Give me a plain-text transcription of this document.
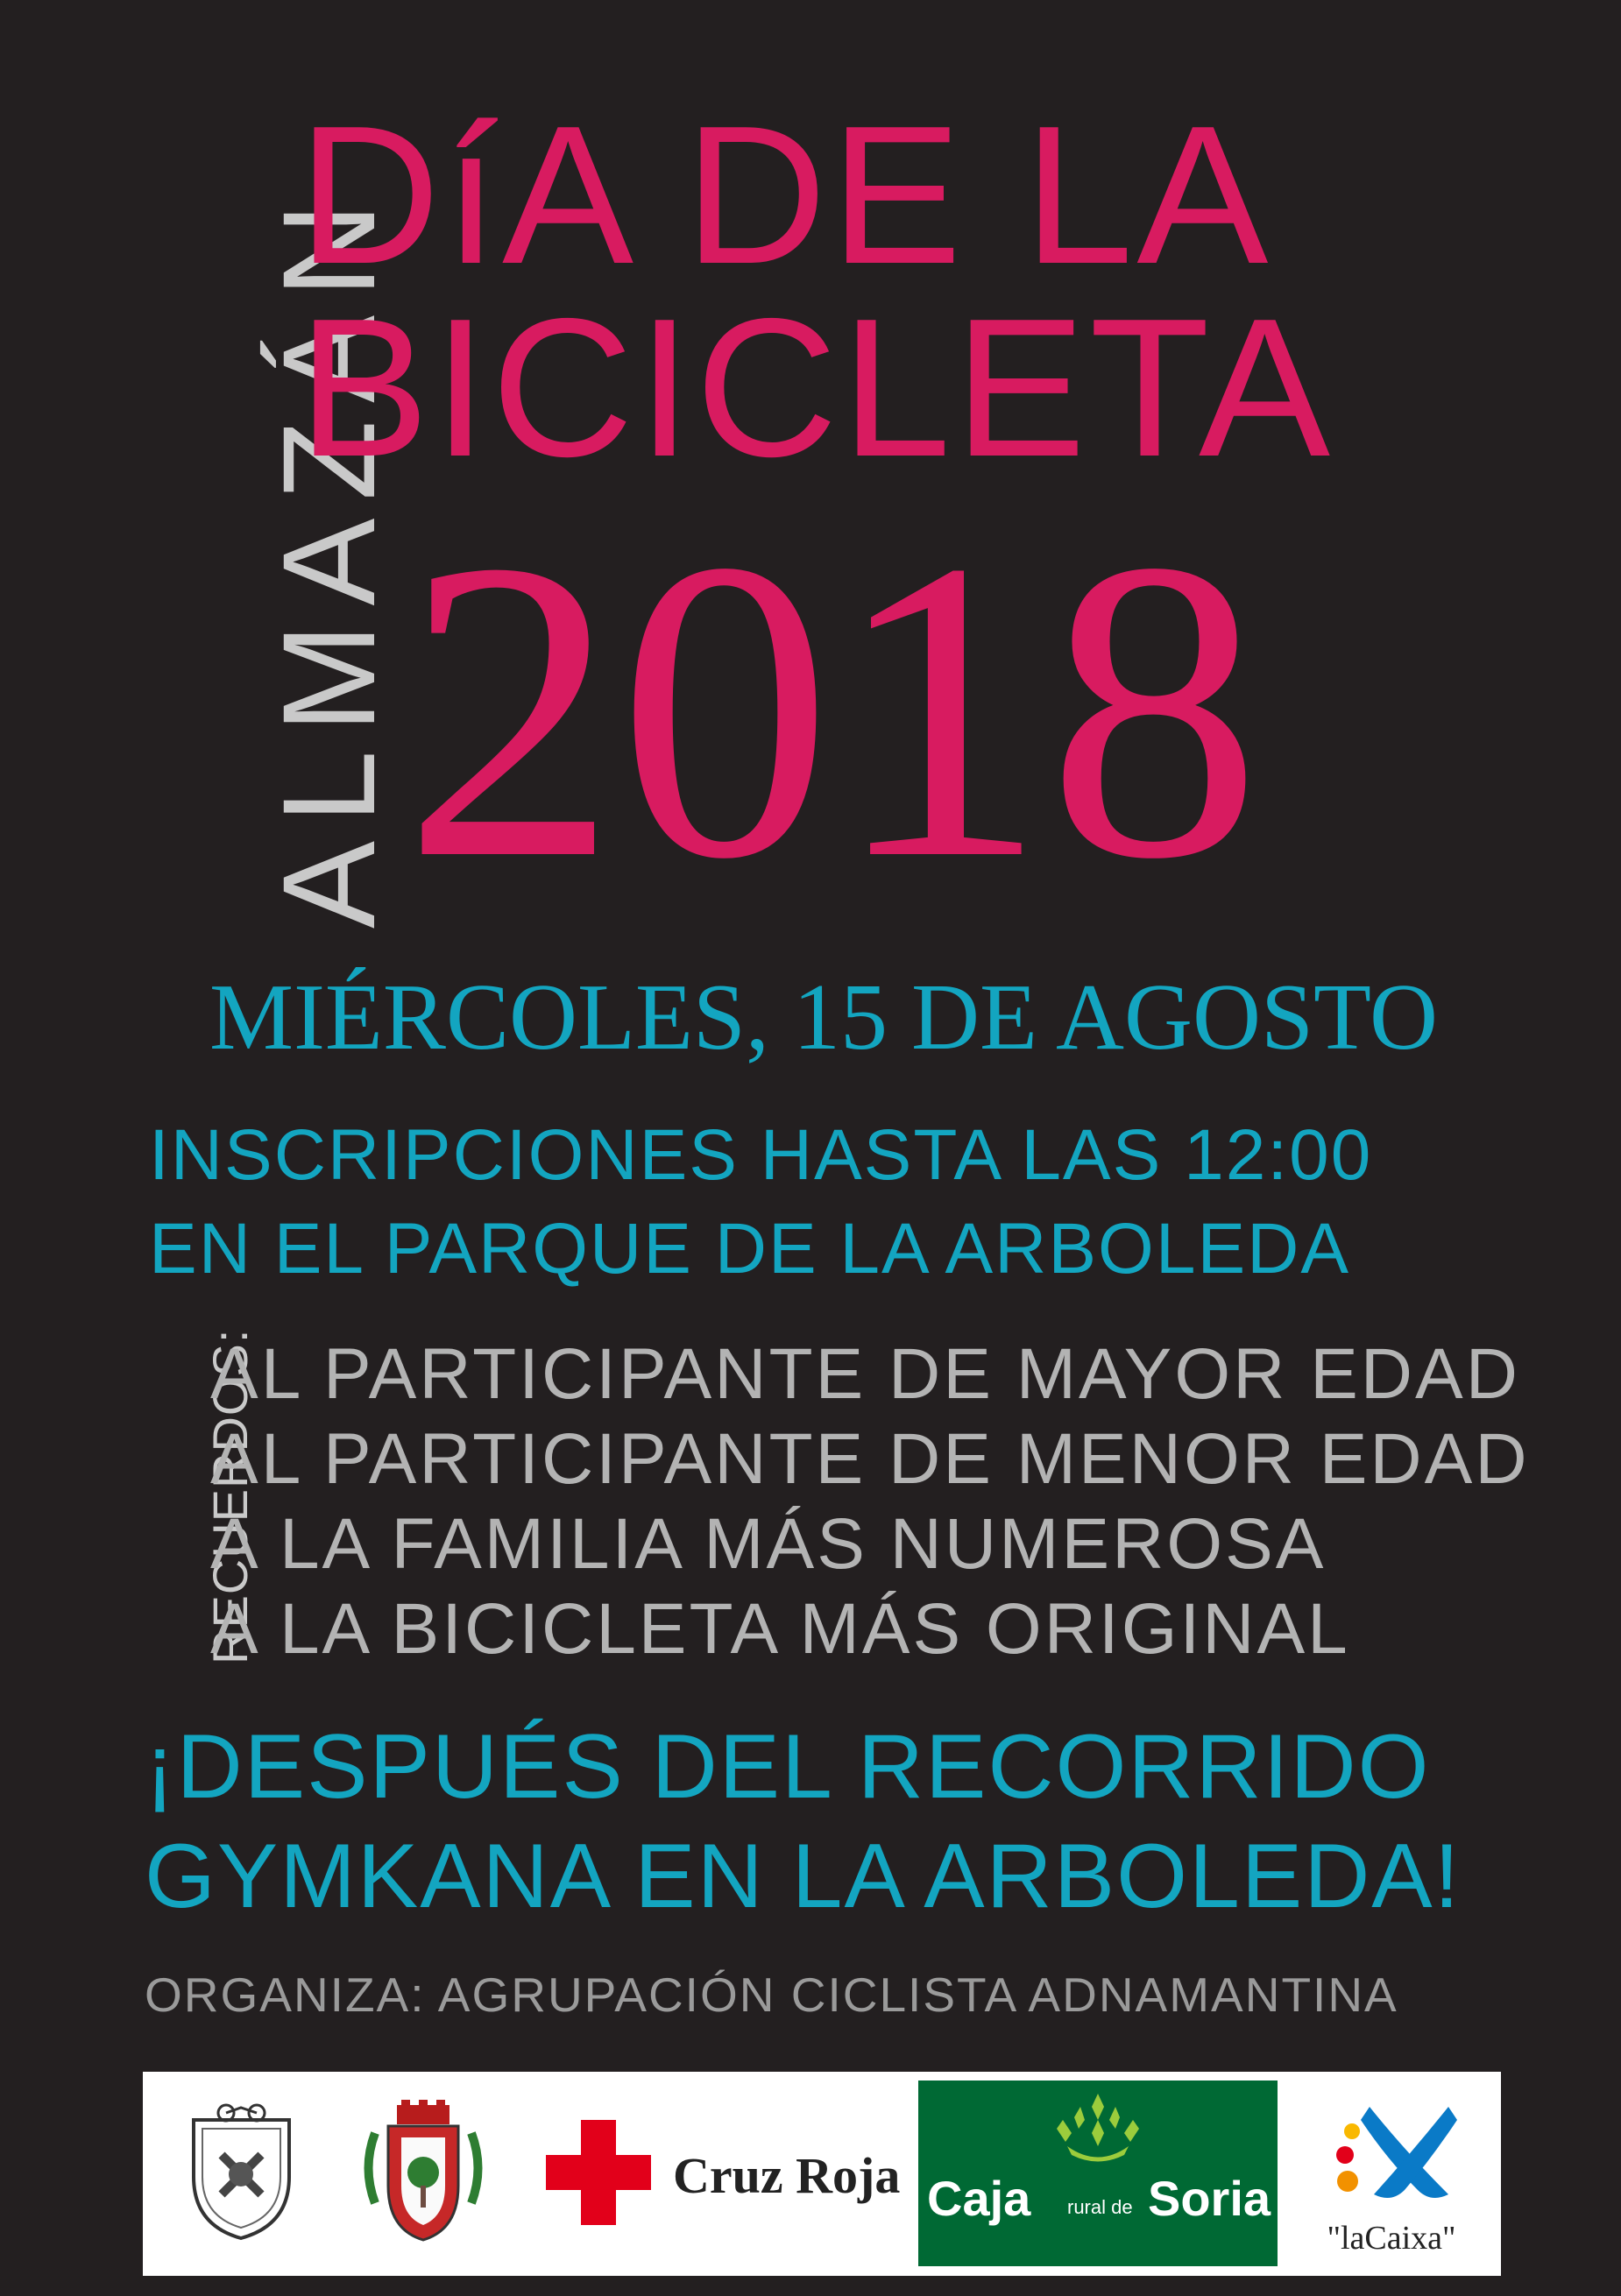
ALMAZÁN
DíA DE LA
BICICLETA
2018
MIÉRCOLES, 15 DE AGOSTO
INSCRIPCIONES HASTA LAS 12:00
EN EL PARQUE DE LA ARBOLEDA
RECUERDOS:
AL PARTICIPANTE DE MAYOR EDAD
AL PARTICIPANTE DE MENOR EDAD
A LA FAMILIA MÁS NUMEROSA
A LA BICICLETA MÁS ORIGINAL
¡DESPUÉS DEL RECORRIDO
GYMKANA EN LA ARBOLEDA!
ORGANIZA: AGRUPACIÓN CICLISTA ADNAMANTINA
Cruz Roja Caja rural de Soria
"laCaixa"
